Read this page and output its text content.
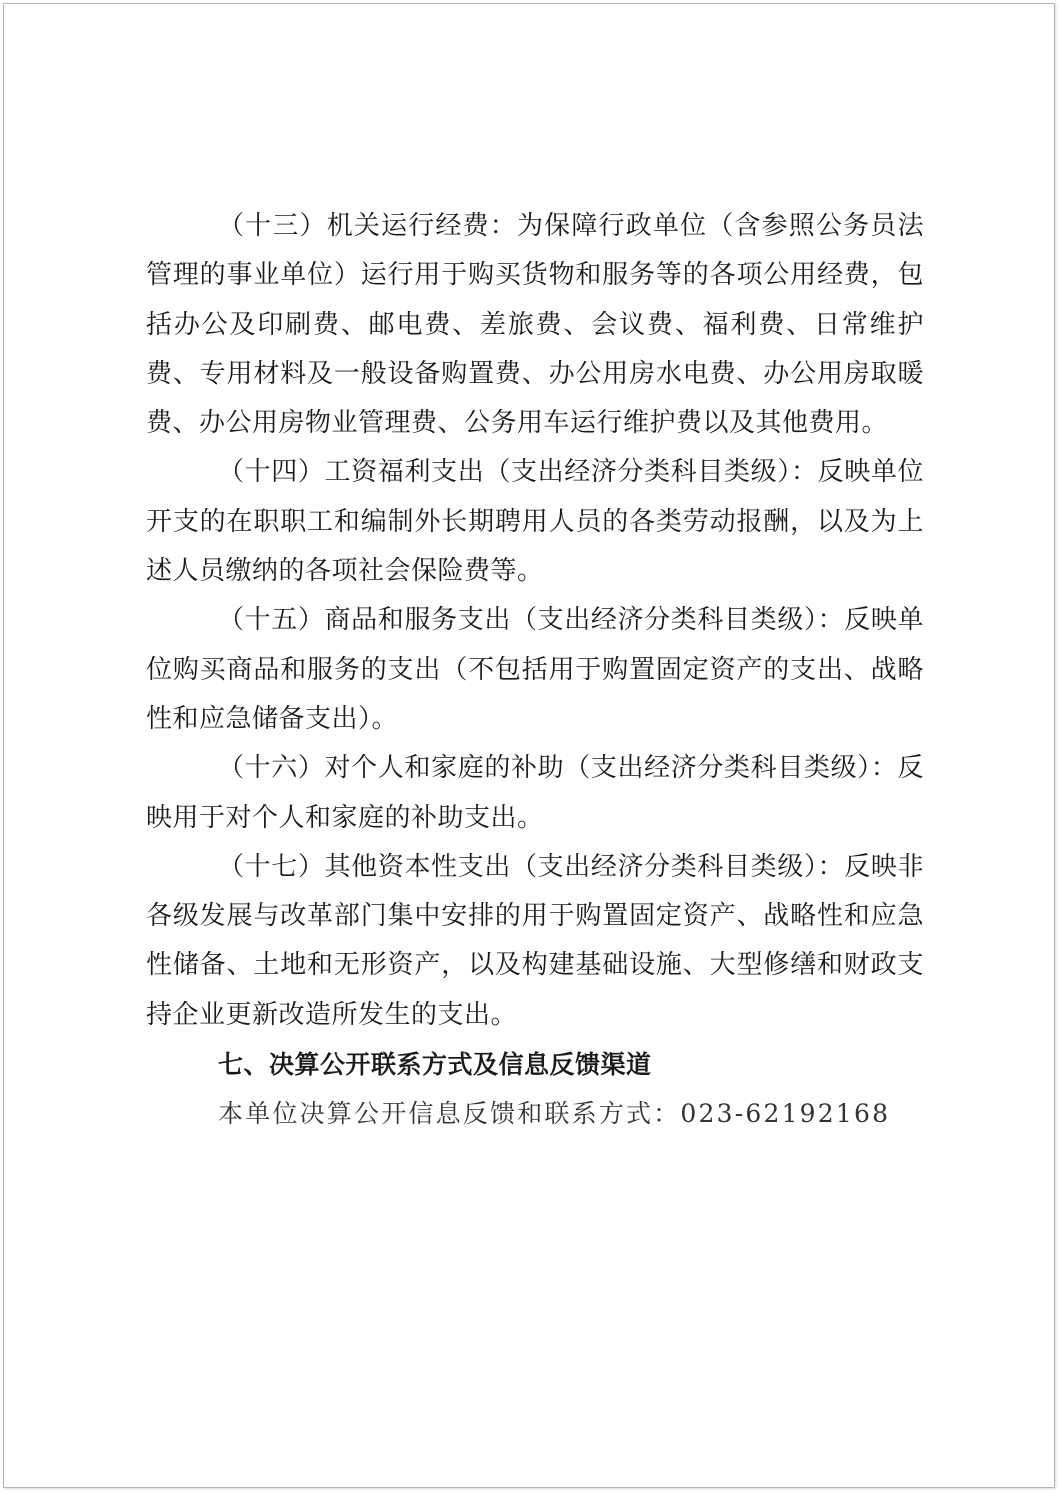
（十三）机关运行经费：为保障行政单位（含参照公务员法管理的事业单位）运行用于购买货物和服务等的各项公用经费，包括办公及印刷费、邮电费、差旅费、会议费、福利费、日常维护费、专用材料及一般设备购置费、办公用房水电费、办公用房取暖费、办公用房物业管理费、公务用车运行维护费以及其他费用。

（十四）工资福利支出（支出经济分类科目类级）：反映单位开支的在职职工和编制外长期聘用人员的各类劳动报酬，以及为上述人员缴纳的各项社会保险费等。

（十五）商品和服务支出（支出经济分类科目类级）：反映单位购买商品和服务的支出（不包括用于购置固定资产的支出、战略性和应急储备支出）。

（十六）对个人和家庭的补助（支出经济分类科目类级）：反映用于对个人和家庭的补助支出。

（十七）其他资本性支出（支出经济分类科目类级）：反映非各级发展与改革部门集中安排的用于购置固定资产、战略性和应急性储备、土地和无形资产，以及构建基础设施、大型修缮和财政支持企业更新改造所发生的支出。

七、决算公开联系方式及信息反馈渠道

本单位决算公开信息反馈和联系方式：023-62192168
